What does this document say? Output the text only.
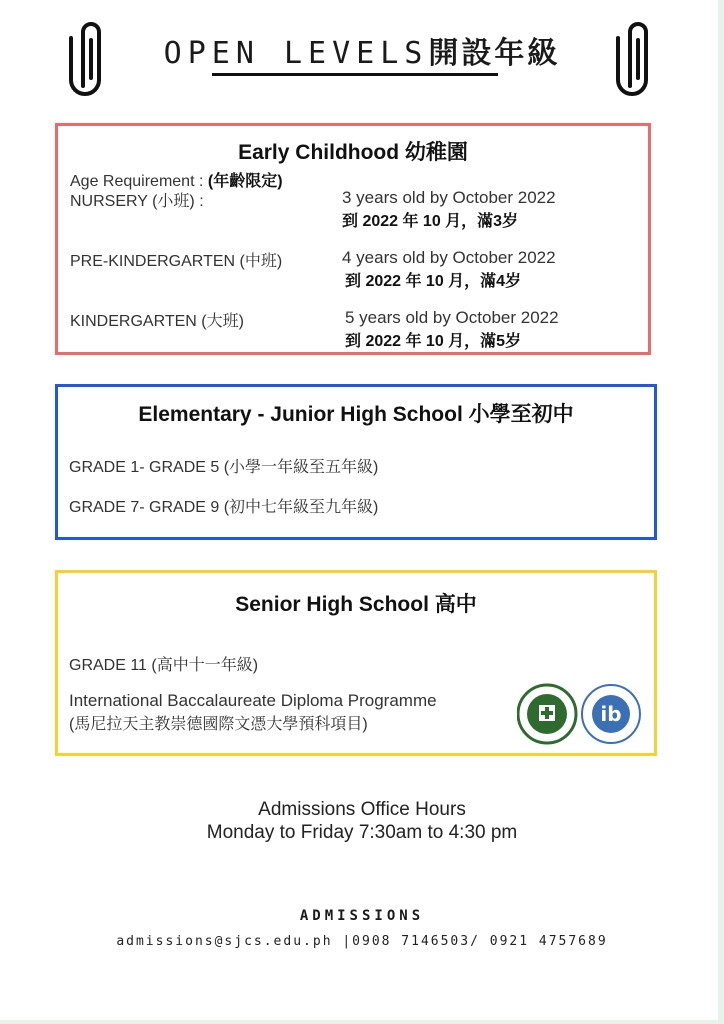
OPEN LEVELS開設年級
Early Childhood 幼稚園
Age Requirement : (年齡限定)
NURSERY (小班) :	3 years old by October 2022
到 2022 年 10 月，滿3岁
PRE-KINDERGARTEN (中班)	4 years old by October 2022
到 2022 年 10 月，滿4岁
KINDERGARTEN (大班)	5 years old by October 2022
到 2022 年 10 月，滿5岁
Elementary - Junior High School 小學至初中
GRADE 1- GRADE 5 (小學一年級至五年級)
GRADE 7- GRADE 9 (初中七年級至九年級)
Senior High School 高中
GRADE 11 (高中十一年級)
International Baccalaureate Diploma Programme
(馬尼拉天主教崇德國際文憑大學預科項目)	ib
Admissions Office Hours
Monday to Friday 7:30am to 4:30 pm
ADMISSIONS
admissions@sjcs.edu.ph |0908 7146503/ 0921 4757689
